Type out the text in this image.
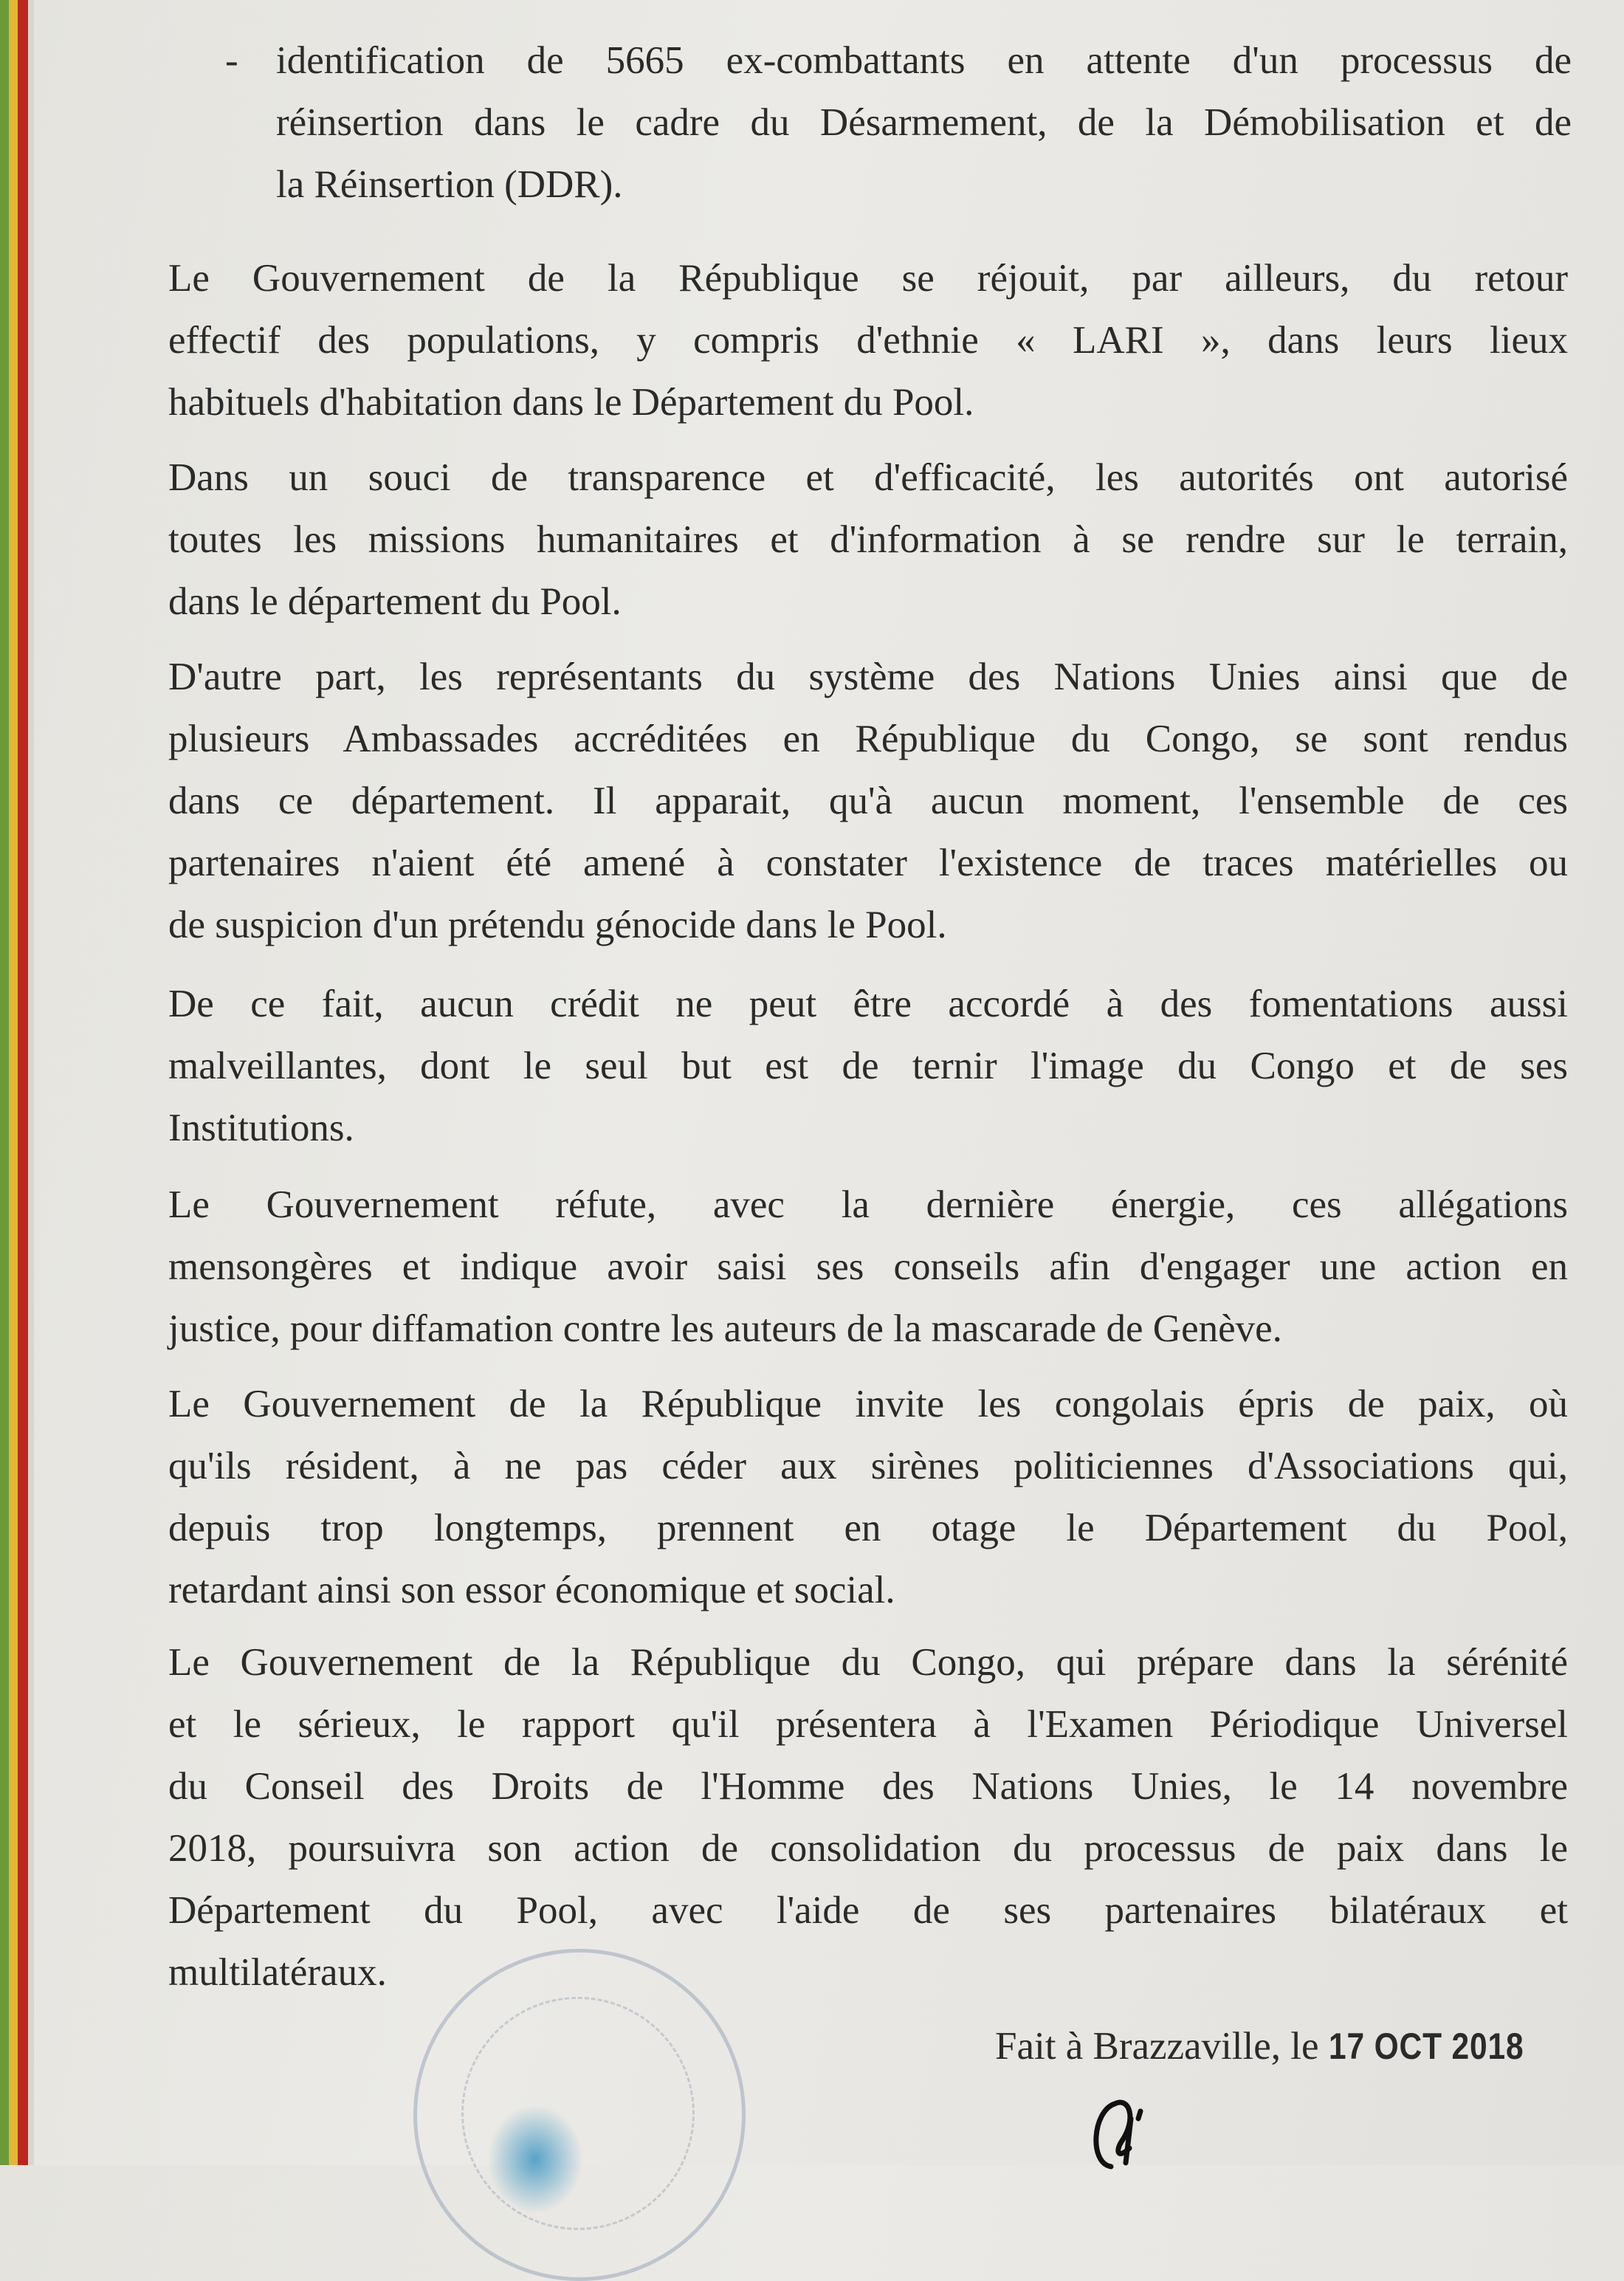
- identification de 5665 ex-combattants en attente d'un processus de
réinsertion dans le cadre du Désarmement, de la Démobilisation et de
la Réinsertion (DDR).
Le Gouvernement de la République se réjouit, par ailleurs, du retour
effectif des populations, y compris d'ethnie « LARI », dans leurs lieux
habituels d'habitation dans le Département du Pool.
Dans un souci de transparence et d'efficacité, les autorités ont autorisé
toutes les missions humanitaires et d'information à se rendre sur le terrain,
dans le département du Pool.
D'autre part, les représentants du système des Nations Unies ainsi que de
plusieurs Ambassades accréditées en République du Congo, se sont rendus
dans ce département. Il apparait, qu'à aucun moment, l'ensemble de ces
partenaires n'aient été amené à constater l'existence de traces matérielles ou
de suspicion d'un prétendu génocide dans le Pool.
De ce fait, aucun crédit ne peut être accordé à des fomentations aussi
malveillantes, dont le seul but est de ternir l'image du Congo et de ses
Institutions.
Le Gouvernement réfute, avec la dernière énergie, ces allégations
mensongères et indique avoir saisi ses conseils afin d'engager une action en
justice, pour diffamation contre les auteurs de la mascarade de Genève.
Le Gouvernement de la République invite les congolais épris de paix, où
qu'ils résident, à ne pas céder aux sirènes politiciennes d'Associations qui,
depuis trop longtemps, prennent en otage le Département du Pool,
retardant ainsi son essor économique et social.
Le Gouvernement de la République du Congo, qui prépare dans la sérénité
et le sérieux, le rapport qu'il présentera à l'Examen Périodique Universel
du Conseil des Droits de l'Homme des Nations Unies, le 14 novembre
2018, poursuivra son action de consolidation du processus de paix dans le
Département du Pool, avec l'aide de ses partenaires bilatéraux et
multilatéraux.
Fait à Brazzaville, le 17 OCT 2018
